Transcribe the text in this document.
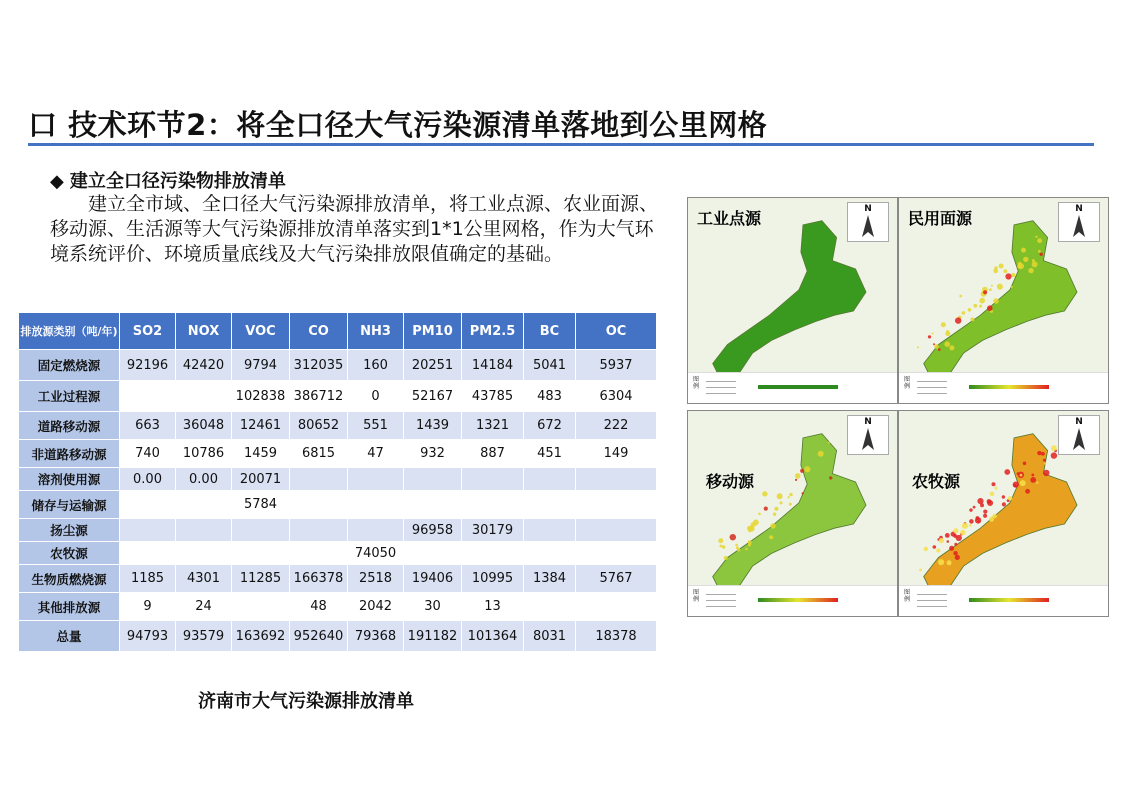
口 技术环节2：将全口径大气污染源清单落地到公里网格
◆ 建立全口径污染物排放清单
建立全市域、全口径大气污染源排放清单，将工业点源、农业面源、移动源、生活源等大气污染源排放清单落实到1*1公里网格，作为大气环境系统评价、环境质量底线及大气污染排放限值确定的基础。
排放源类别（吨/年)	SO2	NOX	VOC	CO	NH3	PM10	PM2.5	BC	OC
固定燃烧源	92196	42420	9794	312035	160	20251	14184	5041	5937
工业过程源			102838	386712	0	52167	43785	483	6304
道路移动源	663	36048	12461	80652	551	1439	1321	672	222
非道路移动源	740	10786	1459	6815	47	932	887	451	149
溶剂使用源	0.00	0.00	20071						
储存与运输源			5784						
扬尘源						96958	30179		
农牧源					74050				
生物质燃烧源	1185	4301	11285	166378	2518	19406	10995	1384	5767
其他排放源	9	24		48	2042	30	13		
总量	94793	93579	163692	952640	79368	191182	101364	8031	18378
济南市大气污染源排放清单
工业点源	N
图例
民用面源	N
图例
移动源
N
图例
农牧源
N
图例
